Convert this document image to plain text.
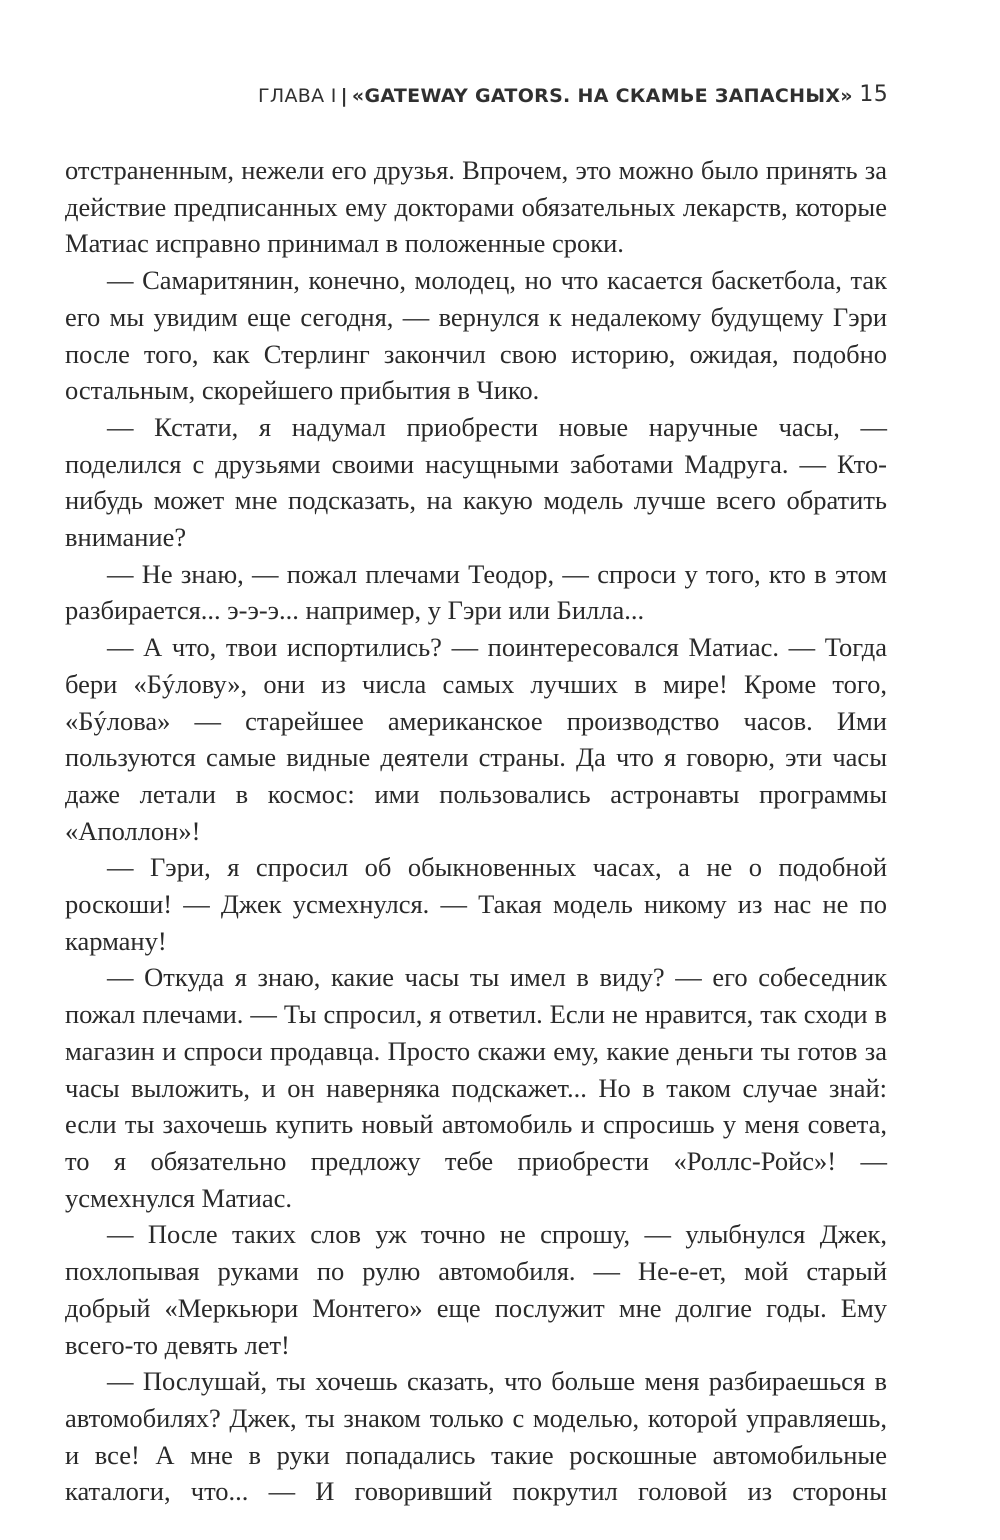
ГЛАВА I | «GATEWAY GATORS. НА СКАМЬЕ ЗАПАСНЫХ» 15

отстраненным, нежели его друзья. Впрочем, это можно было принять за действие предписанных ему докторами обязательных лекарств, которые Матиас исправно принимал в положенные сроки.

— Самаритянин, конечно, молодец, но что касается баскетбола, так его мы увидим еще сегодня, — вернулся к недалекому будущему Гэри после того, как Стерлинг закончил свою историю, ожидая, подобно остальным, скорейшего прибытия в Чико.

— Кстати, я надумал приобрести новые наручные часы, — поделился с друзьями своими насущными заботами Мадруга. — Кто-нибудь может мне подсказать, на какую модель лучше всего обратить внимание?

— Не знаю, — пожал плечами Теодор, — спроси у того, кто в этом разбирается... э-э-э... например, у Гэри или Билла...

— А что, твои испортились? — поинтересовался Матиас. — Тогда бери «Бýлову», они из числа самых лучших в мире! Кроме того, «Бýлова» — старейшее американское производство часов. Ими пользуются самые видные деятели страны. Да что я говорю, эти часы даже летали в космос: ими пользовались астронавты программы «Аполлон»!

— Гэри, я спросил об обыкновенных часах, а не о подобной роскоши! — Джек усмехнулся. — Такая модель никому из нас не по карману!

— Откуда я знаю, какие часы ты имел в виду? — его собеседник пожал плечами. — Ты спросил, я ответил. Если не нравится, так сходи в магазин и спроси продавца. Просто скажи ему, какие деньги ты готов за часы выложить, и он наверняка подскажет... Но в таком случае знай: если ты захочешь купить новый автомобиль и спросишь у меня совета, то я обязательно предложу тебе приобрести «Роллс-Ройс»! — усмехнулся Матиас.

— После таких слов уж точно не спрошу, — улыбнулся Джек, похлопывая руками по рулю автомобиля. — Не-е-ет, мой старый добрый «Меркьюри Монтего» еще послужит мне долгие годы. Ему всего-то девять лет!

— Послушай, ты хочешь сказать, что больше меня разбираешься в автомобилях? Джек, ты знаком только с моделью, которой управляешь, и все! А мне в руки попадались такие роскошные автомобильные каталоги, что... — И говоривший покрутил головой из стороны
